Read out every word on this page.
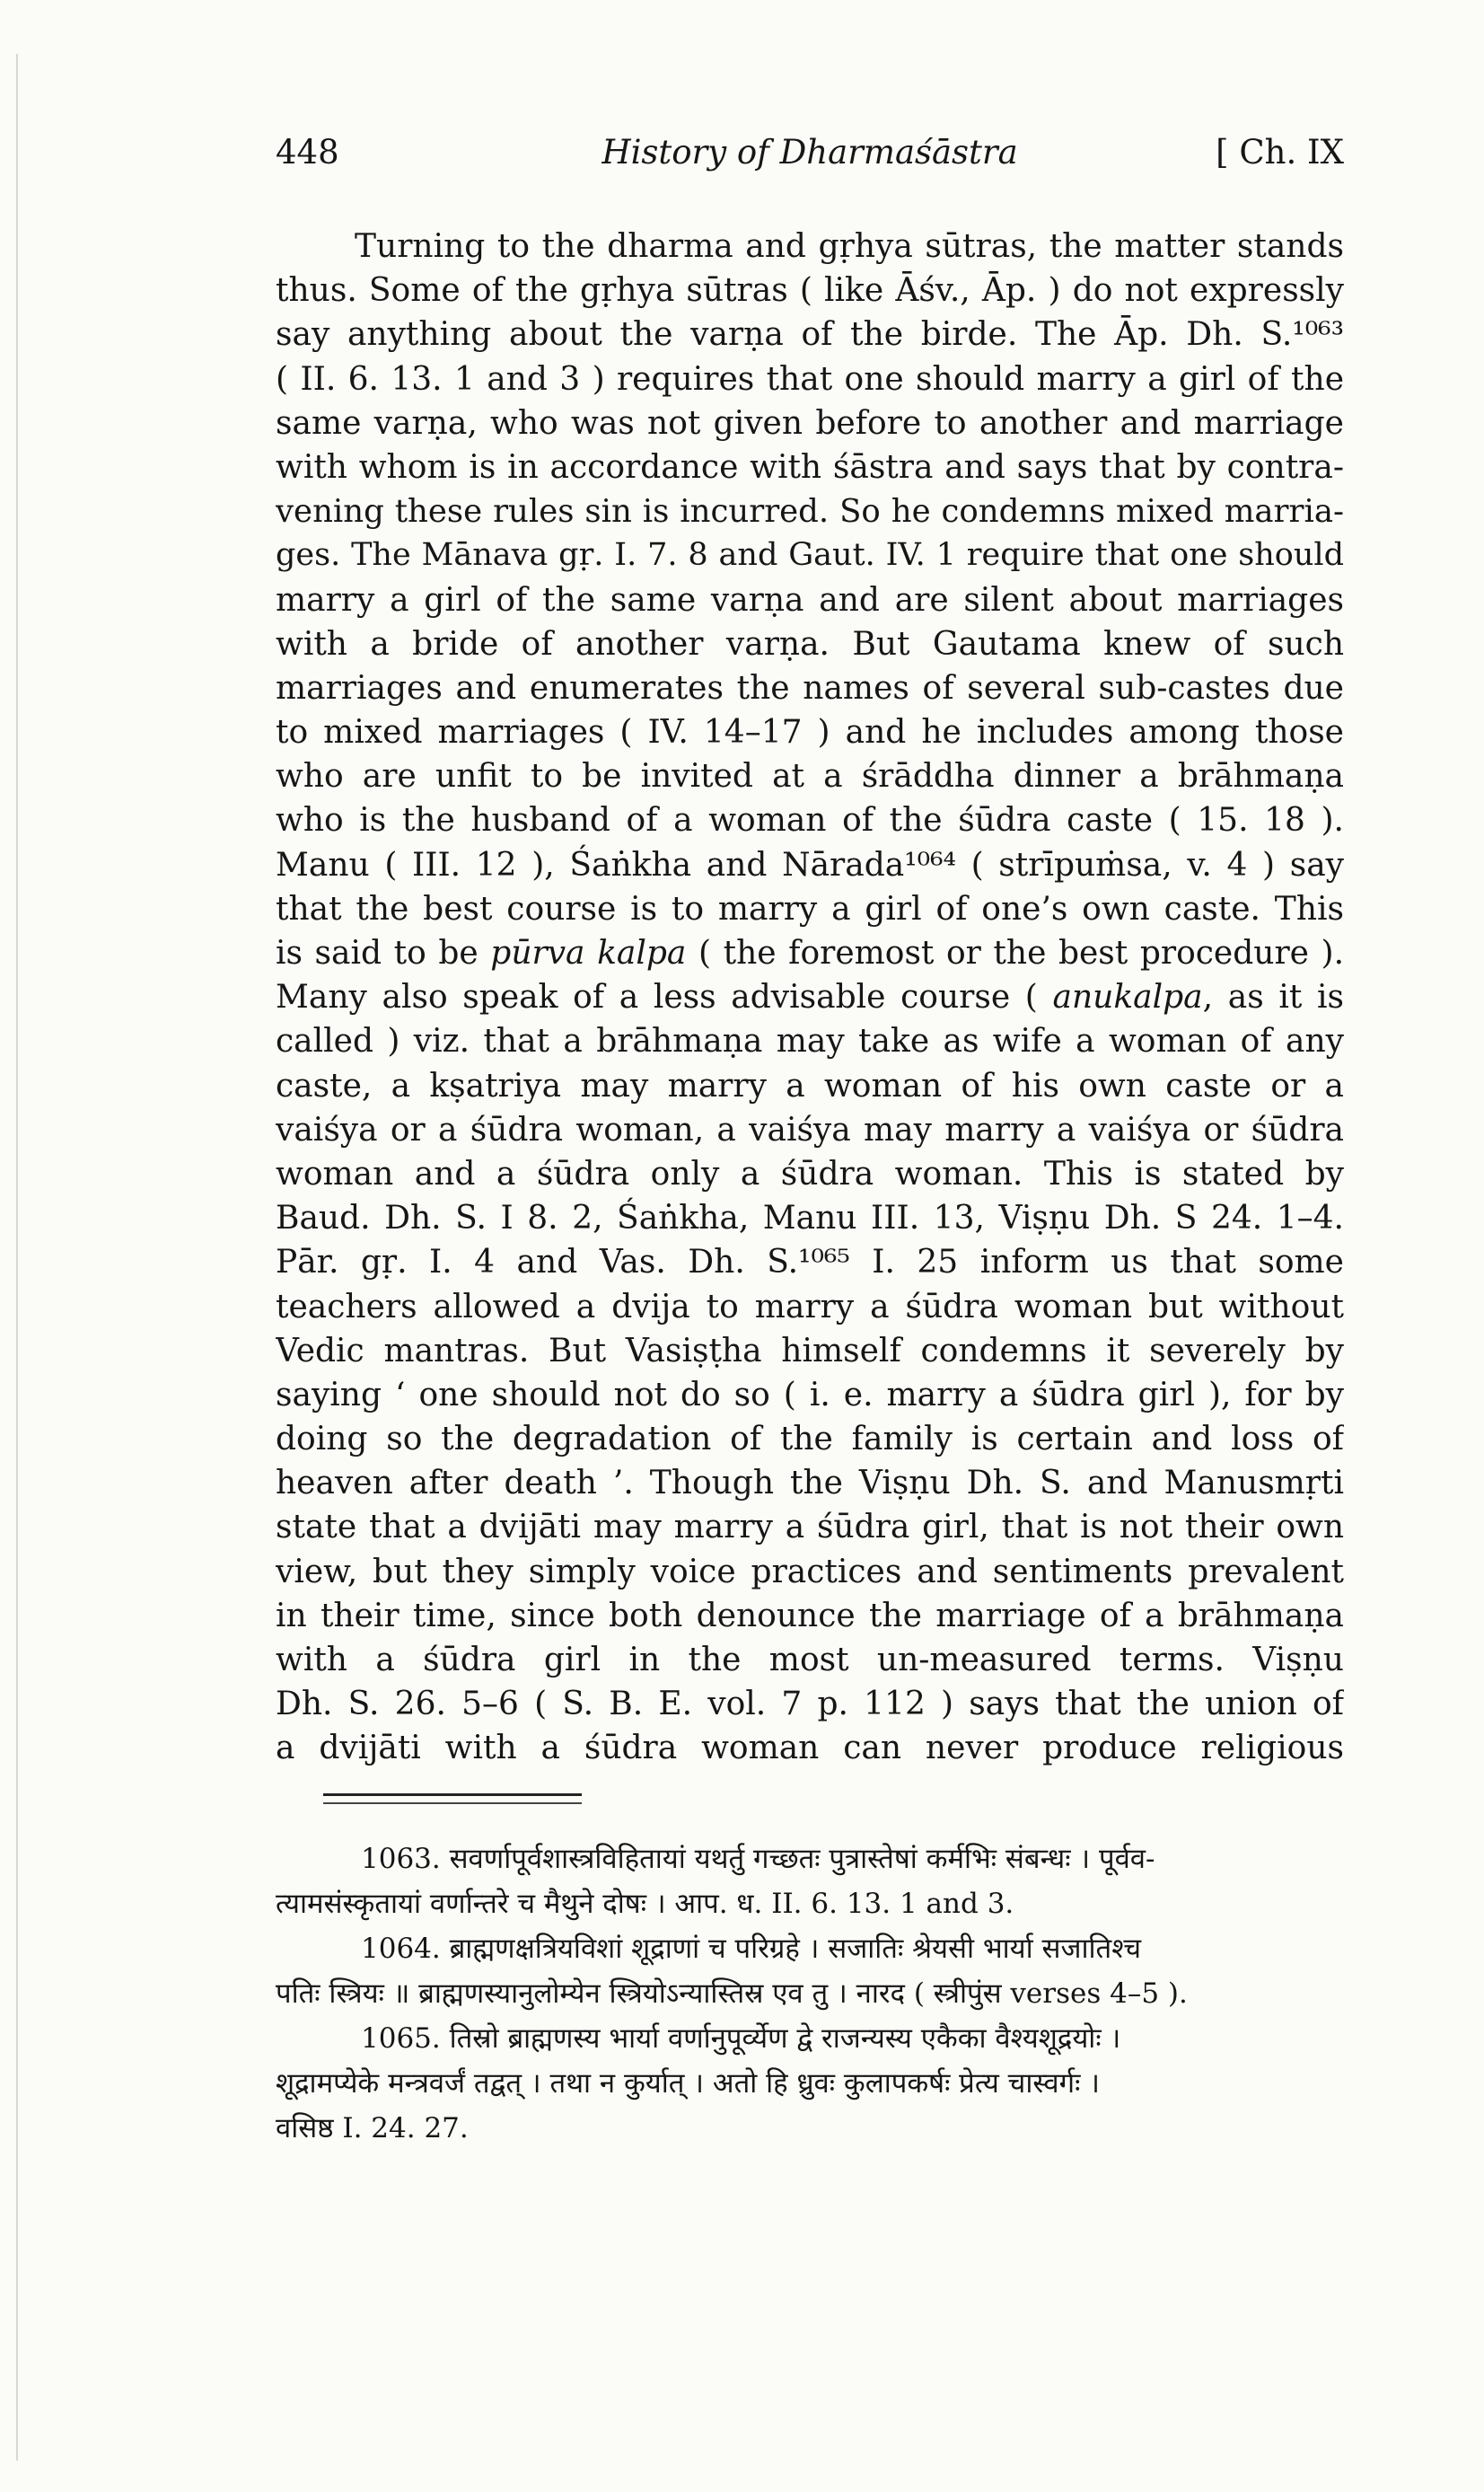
448	History of Dharmaśāstra	[ Ch. IX
Turning to the dharma and gṛhya sūtras, the matter stands
thus. Some of the gṛhya sūtras ( like Āśv., Āp. ) do not expressly
say anything about the varṇa of the birde. The Āp. Dh. S.¹⁰⁶³
( II. 6. 13. 1 and 3 ) requires that one should marry a girl of the
same varṇa, who was not given before to another and marriage
with whom is in accordance with śāstra and says that by contra-
vening these rules sin is incurred. So he condemns mixed marria-
ges. The Mānava gṛ. I. 7. 8 and Gaut. IV. 1 require that one should
marry a girl of the same varṇa and are silent about marriages
with a bride of another varṇa. But Gautama knew of such
marriages and enumerates the names of several sub-castes due
to mixed marriages ( IV. 14–17 ) and he includes among those
who are unfit to be invited at a śrāddha dinner a brāhmaṇa
who is the husband of a woman of the śūdra caste ( 15. 18 ).
Manu ( III. 12 ), Śaṅkha and Nārada¹⁰⁶⁴ ( strīpuṁsa, v. 4 ) say
that the best course is to marry a girl of one’s own caste. This
is said to be pūrva kalpa ( the foremost or the best procedure ).
Many also speak of a less advisable course ( anukalpa, as it is
called ) viz. that a brāhmaṇa may take as wife a woman of any
caste, a kṣatriya may marry a woman of his own caste or a
vaiśya or a śūdra woman, a vaiśya may marry a vaiśya or śūdra
woman and a śūdra only a śūdra woman. This is stated by
Baud. Dh. S. I 8. 2, Śaṅkha, Manu III. 13, Viṣṇu Dh. S 24. 1–4.
Pār. gṛ. I. 4 and Vas. Dh. S.¹⁰⁶⁵ I. 25 inform us that some
teachers allowed a dvija to marry a śūdra woman but without
Vedic mantras. But Vasiṣṭha himself condemns it severely by
saying ‘ one should not do so ( i. e. marry a śūdra girl ), for by
doing so the degradation of the family is certain and loss of
heaven after death ’. Though the Viṣṇu Dh. S. and Manusmṛti
state that a dvijāti may marry a śūdra girl, that is not their own
view, but they simply voice practices and sentiments prevalent
in their time, since both denounce the marriage of a brāhmaṇa
with a śūdra girl in the most un-measured terms. Viṣṇu
Dh. S. 26. 5–6 ( S. B. E. vol. 7 p. 112 ) says that the union of
a dvijāti with a śūdra woman can never produce religious
1063. सवर्णापूर्वशास्त्रविहितायां यथर्तु गच्छतः पुत्रास्तेषां कर्मभिः संबन्धः । पूर्वव-
त्यामसंस्कृतायां वर्णान्तरे च मैथुने दोषः । आप. ध. II. 6. 13. 1 and 3.
1064. ब्राह्मणक्षत्रियविशां शूद्राणां च परिग्रहे । सजातिः श्रेयसी भार्या सजातिश्च
पतिः स्त्रियः ॥ ब्राह्मणस्यानुलोम्येन स्त्रियोऽन्यास्तिस्र एव तु । नारद ( स्त्रीपुंस verses 4–5 ).
1065. तिस्रो ब्राह्मणस्य भार्या वर्णानुपूर्व्येण द्वे राजन्यस्य एकैका वैश्यशूद्रयोः ।
शूद्रामप्येके मन्त्रवर्जं तद्वत् । तथा न कुर्यात् । अतो हि ध्रुवः कुलापकर्षः प्रेत्य चास्वर्गः ।
वसिष्ठ I. 24. 27.
